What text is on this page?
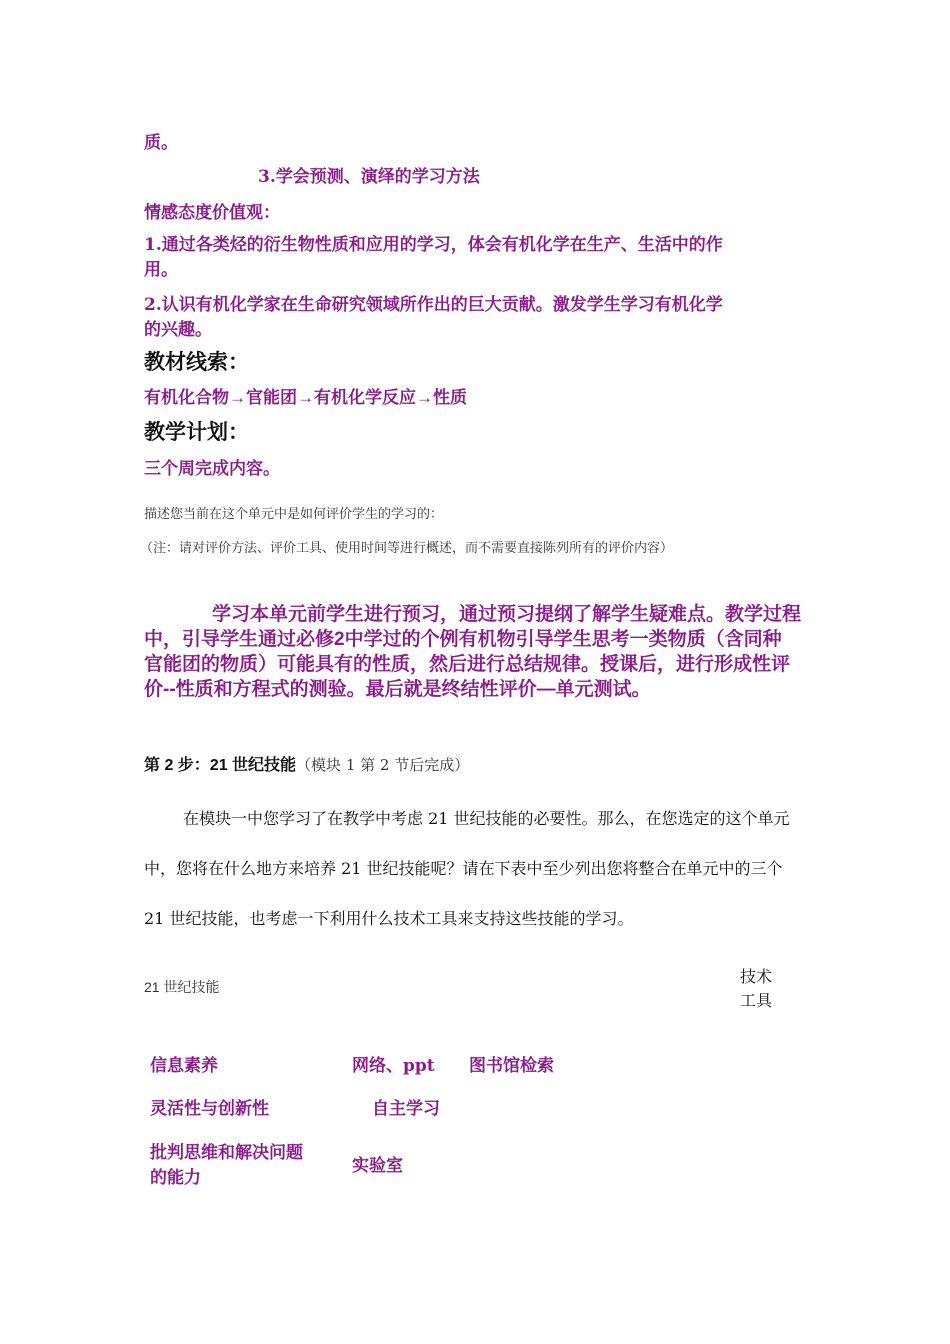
质。
3.学会预测、演绎的学习方法
情感态度价值观：
1.通过各类烃的衍生物性质和应用的学习，体会有机化学在生产、生活中的作
用。
2.认识有机化学家在生命研究领域所作出的巨大贡献。激发学生学习有机化学
的兴趣。
教材线索：
有机化合物→官能团→有机化学反应→性质
教学计划：
三个周完成内容。
描述您当前在这个单元中是如何评价学生的学习的：
（注：请对评价方法、评价工具、使用时间等进行概述，而不需要直接陈列所有的评价内容）
学习本单元前学生进行预习，通过预习提纲了解学生疑难点。教学过程
中，引导学生通过必修2中学过的个例有机物引导学生思考一类物质（含同种
官能团的物质）可能具有的性质，然后进行总结规律。授课后，进行形成性评
价--性质和方程式的测验。最后就是终结性评价—单元测试。
第 2 步：21 世纪技能（模块 1 第 2 节后完成）
在模块一中您学习了在教学中考虑 21 世纪技能的必要性。那么，在您选定的这个单元
中，您将在什么地方来培养 21 世纪技能呢？请在下表中至少列出您将整合在单元中的三个
21 世纪技能，也考虑一下利用什么技术工具来支持这些技能的学习。
21 世纪技能
技术
工具
信息素养	网络、ppt 图书馆检索
灵活性与创新性	自主学习
批判思维和解决问题
的能力
实验室
